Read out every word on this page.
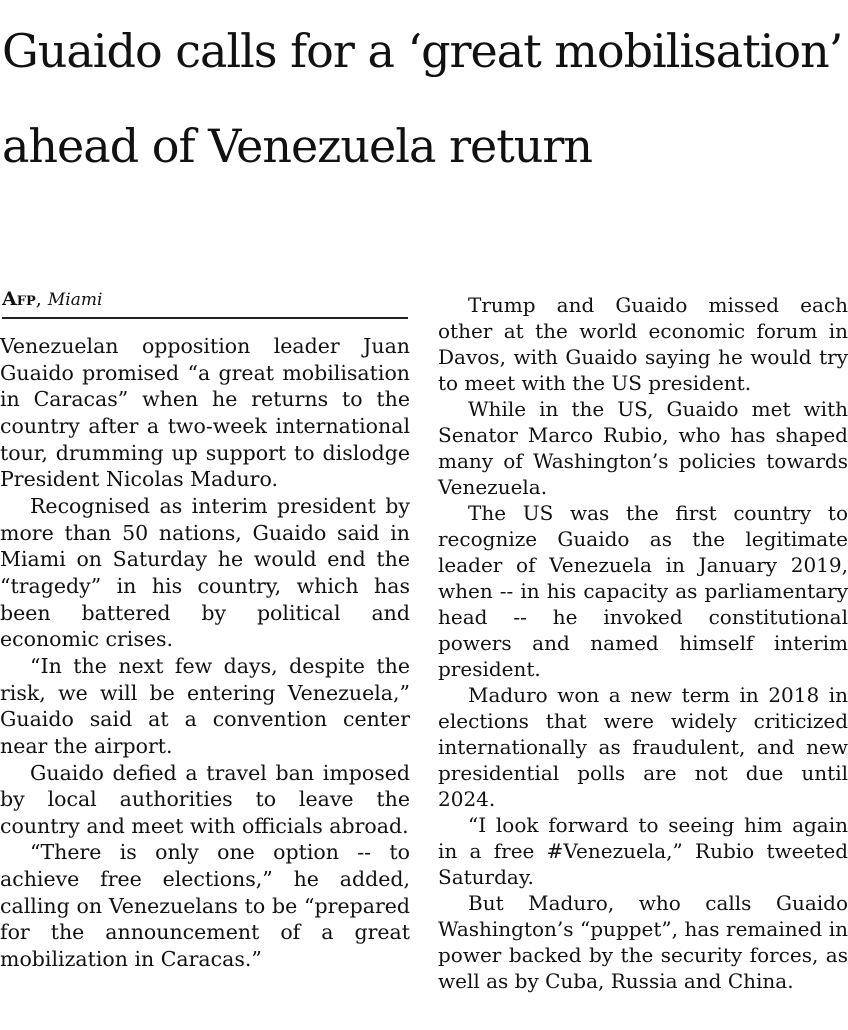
Guaido calls for a ‘great mobilisation’ ahead of Venezuela return
Afp, Miami

Venezuelan opposition leader Juan Guaido promised “a great mobilisation in Caracas” when he returns to the country after a two-week international tour, drumming up support to dislodge President Nicolas Maduro.

Recognised as interim president by more than 50 nations, Guaido said in Miami on Saturday he would end the “tragedy” in his country, which has been battered by political and economic crises.

“In the next few days, despite the risk, we will be entering Venezuela,” Guaido said at a convention center near the airport.

Guaido defied a travel ban imposed by local authorities to leave the country and meet with officials abroad.

“There is only one option -- to achieve free elections,” he added, calling on Venezuelans to be “prepared for the announcement of a great mobilization in Caracas.”

Trump and Guaido missed each other at the world economic forum in Davos, with Guaido saying he would try to meet with the US president.

While in the US, Guaido met with Senator Marco Rubio, who has shaped many of Washington’s policies towards Venezuela.

The US was the first country to recognize Guaido as the legitimate leader of Venezuela in January 2019, when -- in his capacity as parliamentary head -- he invoked constitutional powers and named himself interim president.

Maduro won a new term in 2018 in elections that were widely criticized internationally as fraudulent, and new presidential polls are not due until 2024.

“I look forward to seeing him again in a free #Venezuela,” Rubio tweeted Saturday.

But Maduro, who calls Guaido Washington’s “puppet”, has remained in power backed by the security forces, as well as by Cuba, Russia and China.
